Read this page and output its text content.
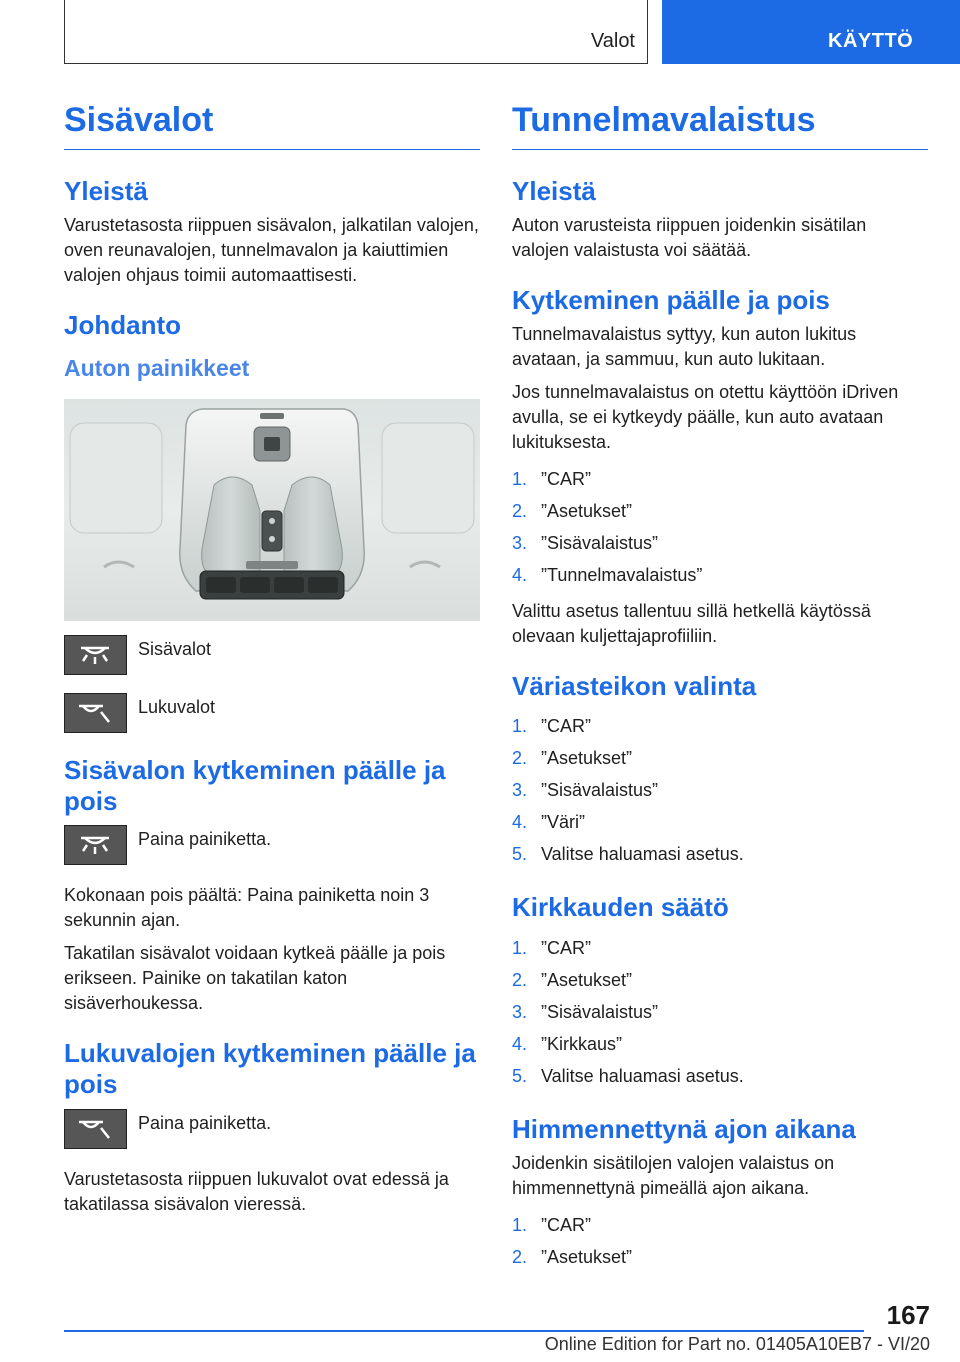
Valot	KÄYTTÖ
Sisävalot
Yleistä

Varustetasosta riippuen sisävalon, jalkatilan valojen, oven reunavalojen, tunnelmavalon ja kaiuttimien valojen ohjaus toimii automaattisesti.

Johdanto
Auton painikkeet

Sisävalot

Lukuvalot

Sisävalon kytkeminen päälle ja pois

Paina painiketta.

Kokonaan pois päältä: Paina painiketta noin 3 sekunnin ajan.

Takatilan sisävalot voidaan kytkeä päälle ja pois erikseen. Painike on takatilan katon sisäverhoukessa.

Lukuvalojen kytkeminen päälle ja pois

Paina painiketta.

Varustetasosta riippuen lukuvalot ovat edessä ja takatilassa sisävalon vieressä.

Tunnelmavalaistus
Yleistä

Auton varusteista riippuen joidenkin sisätilan valojen valaistusta voi säätää.

Kytkeminen päälle ja pois

Tunnelmavalaistus syttyy, kun auton lukitus avataan, ja sammuu, kun auto lukitaan.

Jos tunnelmavalaistus on otettu käyttöön iDriven avulla, se ei kytkeydy päälle, kun auto avataan lukituksesta.

1. ”CAR”
2. ”Asetukset”
3. ”Sisävalaistus”
4. ”Tunnelmavalaistus”

Valittu asetus tallentuu sillä hetkellä käytössä olevaan kuljettajaprofiiliin.

Väriasteikon valinta
1. ”CAR”
2. ”Asetukset”
3. ”Sisävalaistus”
4. ”Väri”
5. Valitse haluamasi asetus.
Kirkkauden säätö
1. ”CAR”
2. ”Asetukset”
3. ”Sisävalaistus”
4. ”Kirkkaus”
5. Valitse haluamasi asetus.
Himmennettynä ajon aikana

Joidenkin sisätilojen valojen valaistus on himmennettynä pimeällä ajon aikana.

1. ”CAR”
2. ”Asetukset”
167
Online Edition for Part no. 01405A10EB7 - VI/20
